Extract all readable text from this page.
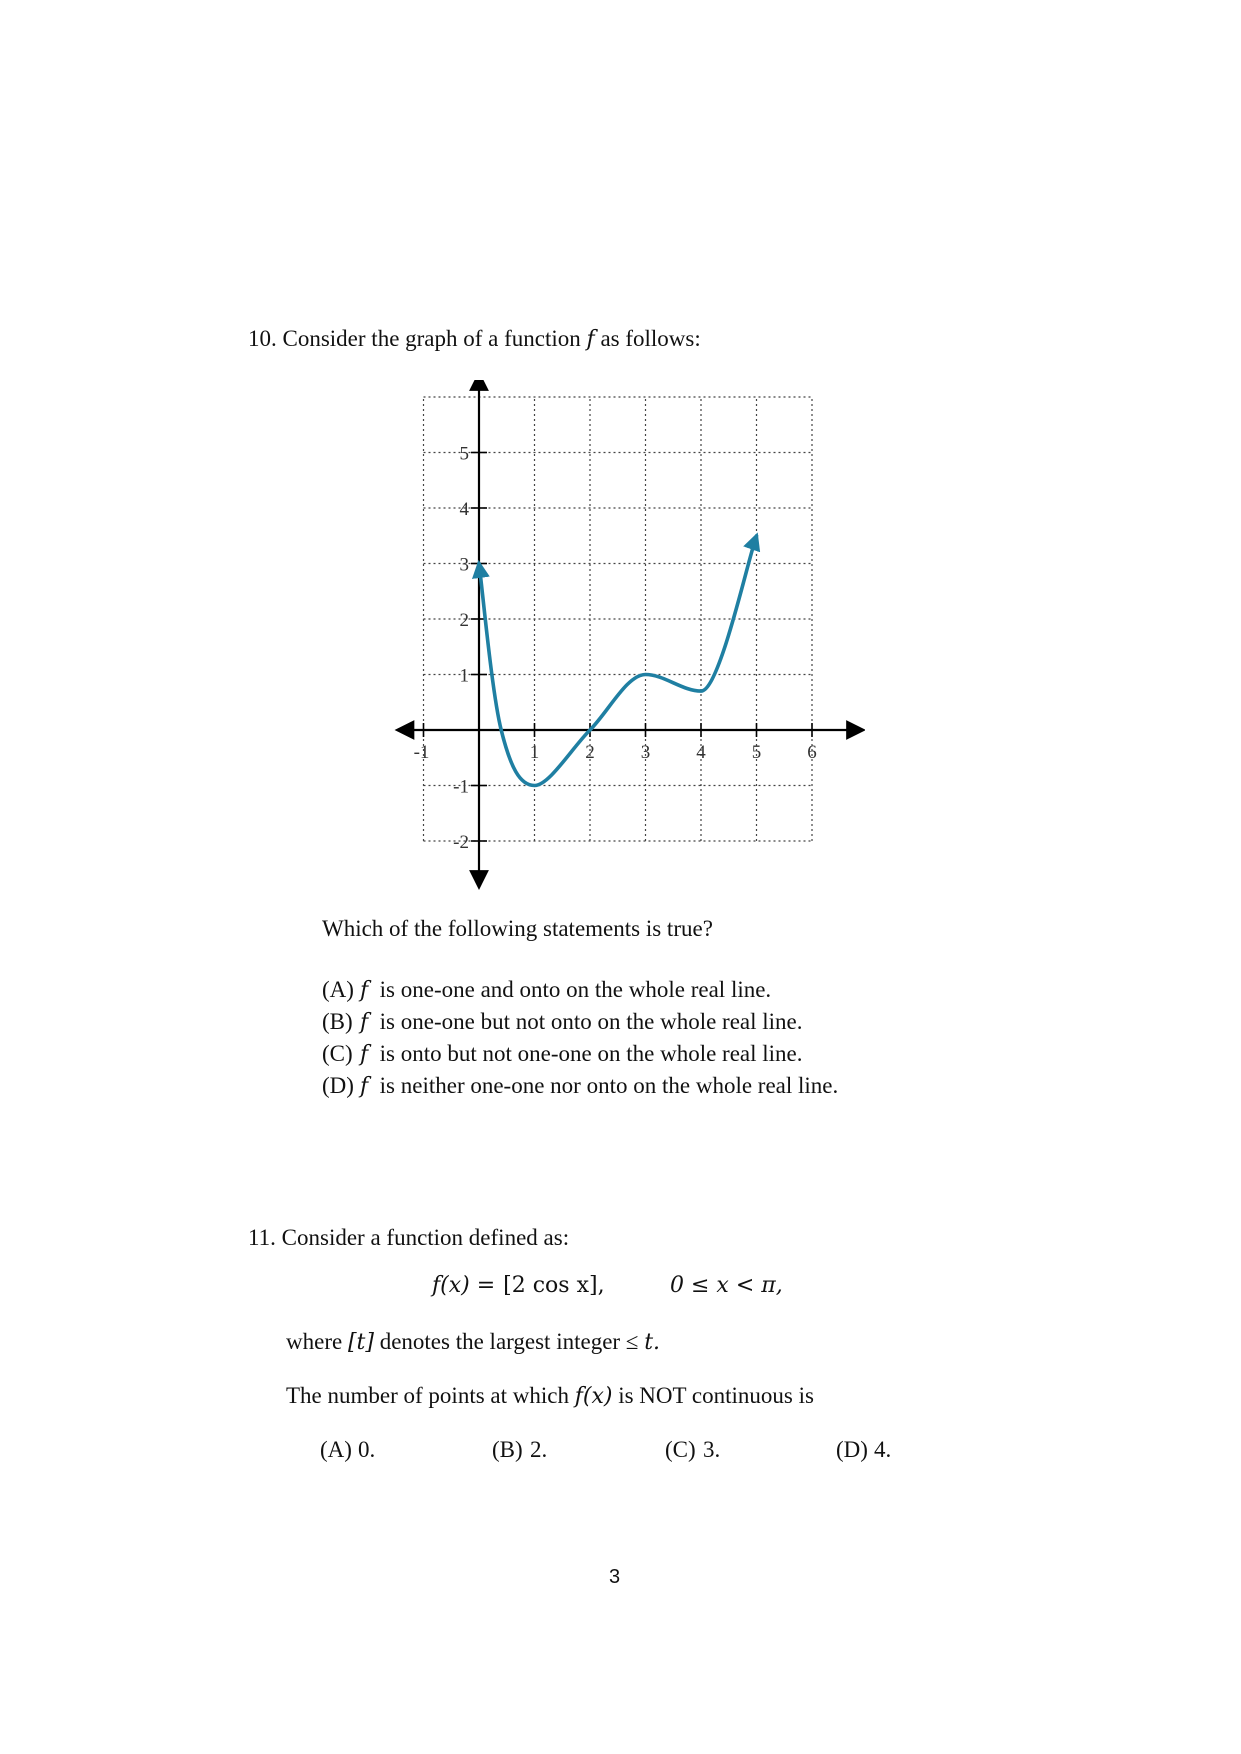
10. Consider the graph of a function f as follows:
-1	1 2 3 4 5 6
5
4
3
2
1
-1
-2
Which of the following statements is true?
(A) f is one-one and onto on the whole real line.
(B) f is one-one but not onto on the whole real line.
(C) f is onto but not one-one on the whole real line.
(D) f is neither one-one nor onto on the whole real line.
11. Consider a function defined as:
f(x) = [2 cos x],	0 ≤ x < π,
where [t] denotes the largest integer ≤ t.
The number of points at which f(x) is NOT continuous is
(A) 0.	(B) 2.	(C) 3.	(D) 4.
3
